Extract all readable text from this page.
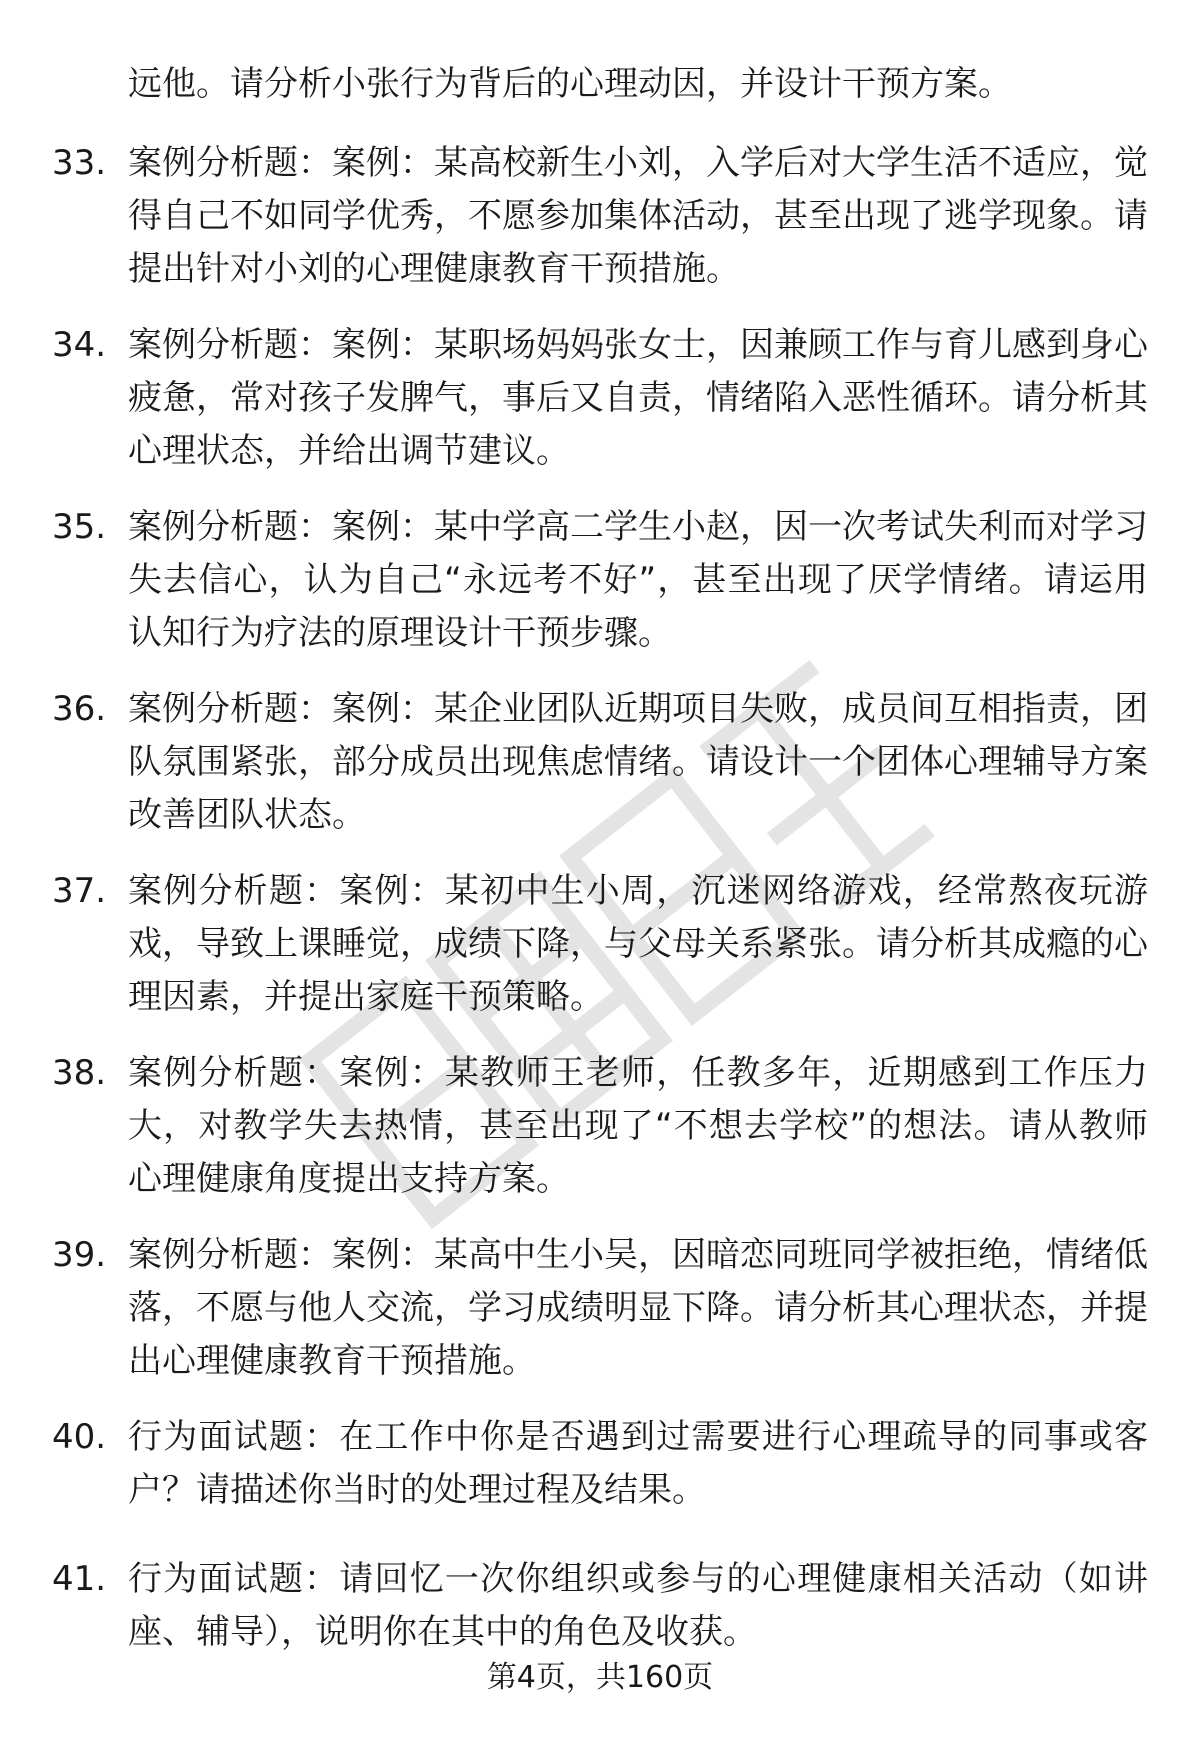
远他。请分析小张行为背后的心理动因，并设计干预方案。

33. 案例分析题：案例：某高校新生小刘，入学后对大学生活不适应，觉得自己不如同学优秀，不愿参加集体活动，甚至出现了逃学现象。请提出针对小刘的心理健康教育干预措施。

34. 案例分析题：案例：某职场妈妈张女士，因兼顾工作与育儿感到身心疲惫，常对孩子发脾气，事后又自责，情绪陷入恶性循环。请分析其心理状态，并给出调节建议。

35. 案例分析题：案例：某中学高二学生小赵，因一次考试失利而对学习失去信心，认为自己“永远考不好”，甚至出现了厌学情绪。请运用认知行为疗法的原理设计干预步骤。

36. 案例分析题：案例：某企业团队近期项目失败，成员间互相指责，团队氛围紧张，部分成员出现焦虑情绪。请设计一个团体心理辅导方案改善团队状态。

37. 案例分析题：案例：某初中生小周，沉迷网络游戏，经常熬夜玩游戏，导致上课睡觉，成绩下降，与父母关系紧张。请分析其成瘾的心理因素，并提出家庭干预策略。

38. 案例分析题：案例：某教师王老师，任教多年，近期感到工作压力大，对教学失去热情，甚至出现了“不想去学校”的想法。请从教师心理健康角度提出支持方案。

39. 案例分析题：案例：某高中生小吴，因暗恋同班同学被拒绝，情绪低落，不愿与他人交流，学习成绩明显下降。请分析其心理状态，并提出心理健康教育干预措施。

40. 行为面试题：在工作中你是否遇到过需要进行心理疏导的同事或客户？请描述你当时的处理过程及结果。

41. 行为面试题：请回忆一次你组织或参与的心理健康相关活动（如讲座、辅导），说明你在其中的角色及收获。

第4页，共160页
